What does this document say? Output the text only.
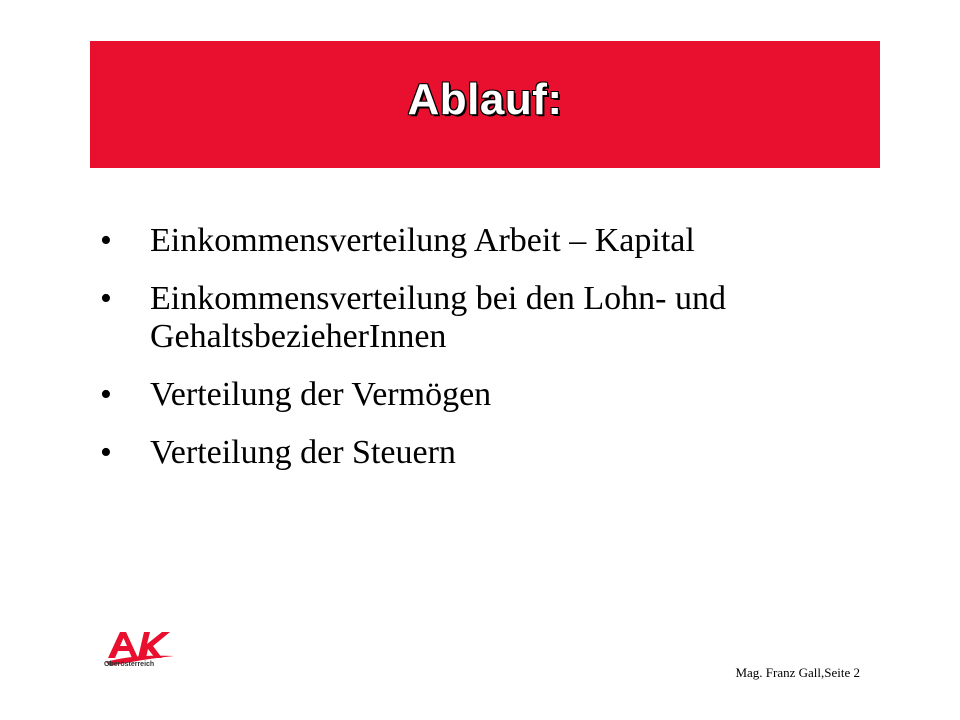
Ablauf:
•	Einkommensverteilung Arbeit – Kapital
•	Einkommensverteilung bei den Lohn- und GehaltsbezieherInnen
•	Verteilung der Vermögen
•	Verteilung der Steuern
Oberösterreich
Mag. Franz Gall,Seite 2
